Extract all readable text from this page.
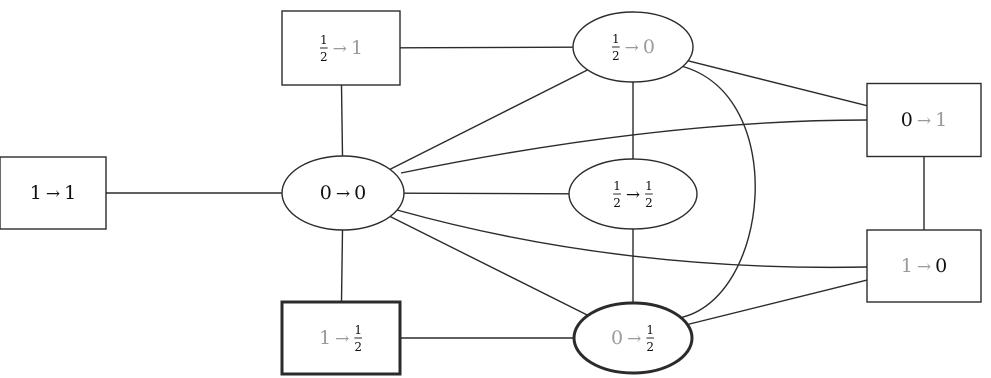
1 → 1	0 → 0
1
2 → 1	1
2 → 0
1
2 → 1
2
0 → 1
1 → 0
1 → 1
2	0 → 1
2
